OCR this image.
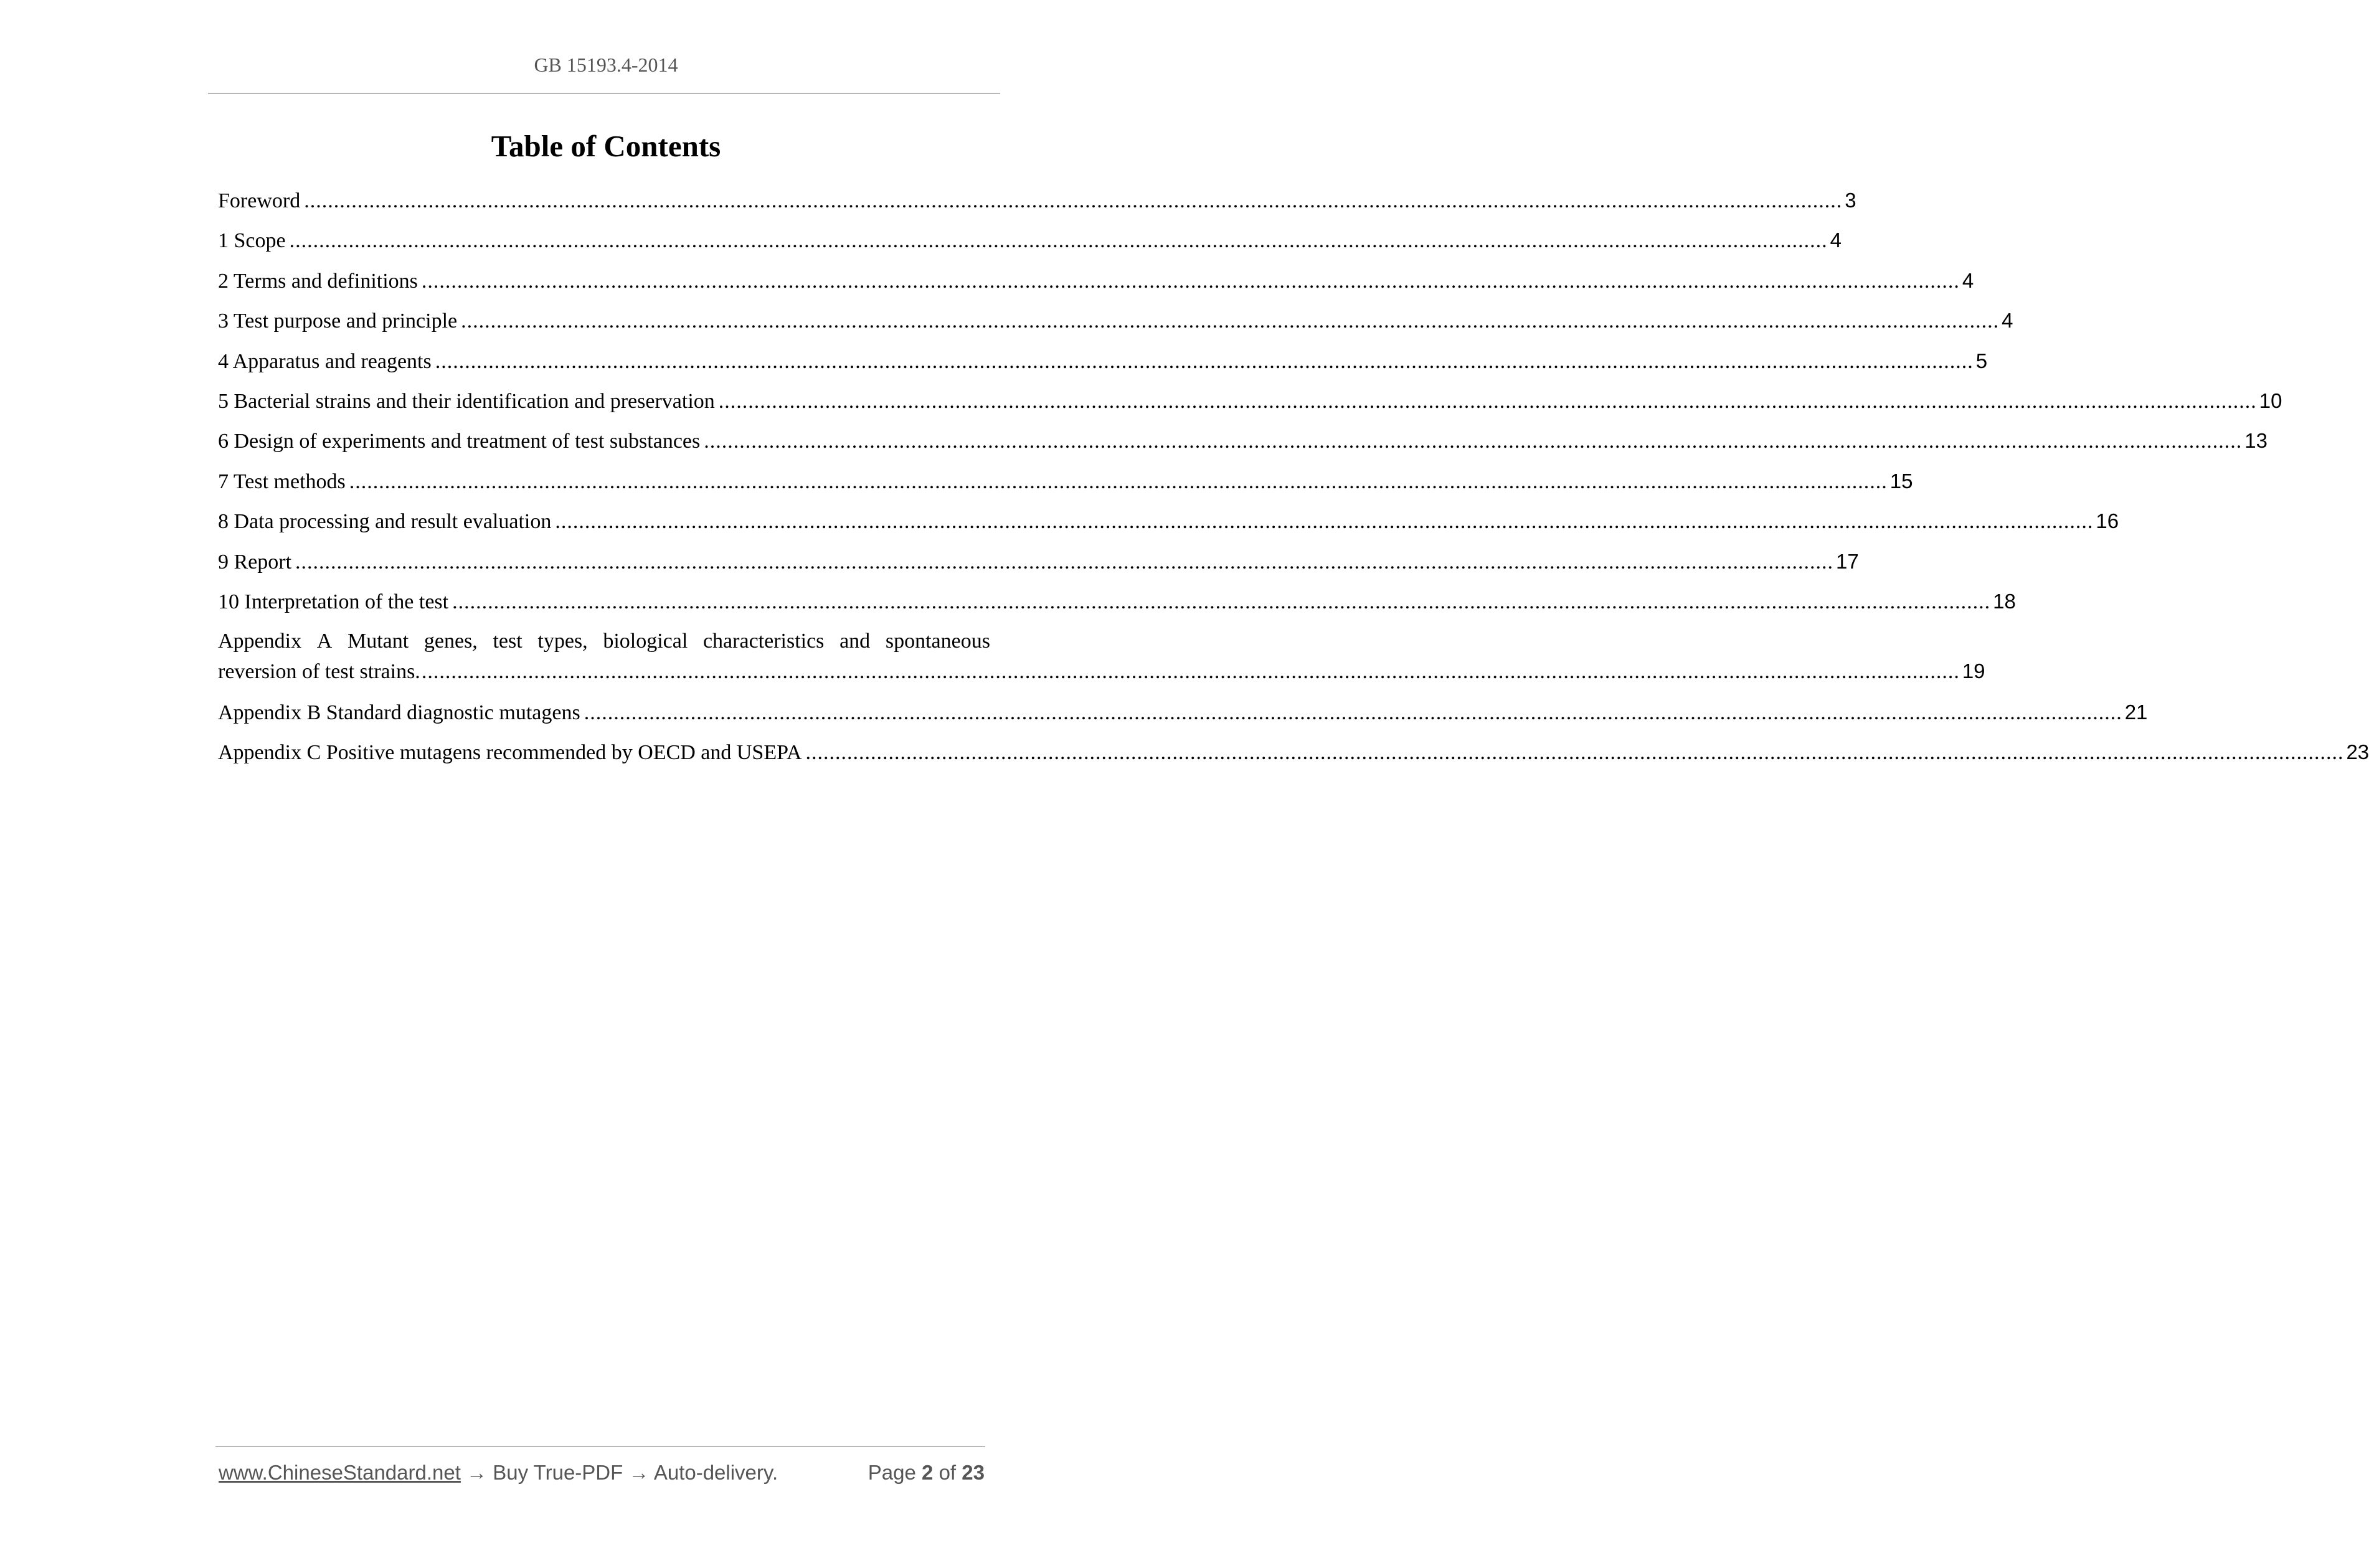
GB 15193.4-2014
Table of Contents
Foreword .................................................................................................................................................................................................................................................................... 3
1 Scope .................................................................................................................................................................................................................................................................... 4
2 Terms and definitions .................................................................................................................................................................................................................................................................... 4
3 Test purpose and principle .................................................................................................................................................................................................................................................................... 4
4 Apparatus and reagents .................................................................................................................................................................................................................................................................... 5
5 Bacterial strains and their identification and preservation .................................................................................................................................................................................................................................................................... 10
6 Design of experiments and treatment of test substances .................................................................................................................................................................................................................................................................... 13
7 Test methods .................................................................................................................................................................................................................................................................... 15
8 Data processing and result evaluation .................................................................................................................................................................................................................................................................... 16
9 Report .................................................................................................................................................................................................................................................................... 17
10 Interpretation of the test .................................................................................................................................................................................................................................................................... 18
Appendix A Mutant genes, test types, biological characteristics and spontaneous
reversion of test strains. .................................................................................................................................................................................................................................................................... 19
Appendix B Standard diagnostic mutagens .................................................................................................................................................................................................................................................................... 21
Appendix C Positive mutagens recommended by OECD and USEPA .................................................................................................................................................................................................................................................................... 23
www.ChineseStandard.net → Buy True-PDF → Auto-delivery.	Page 2 of 23
